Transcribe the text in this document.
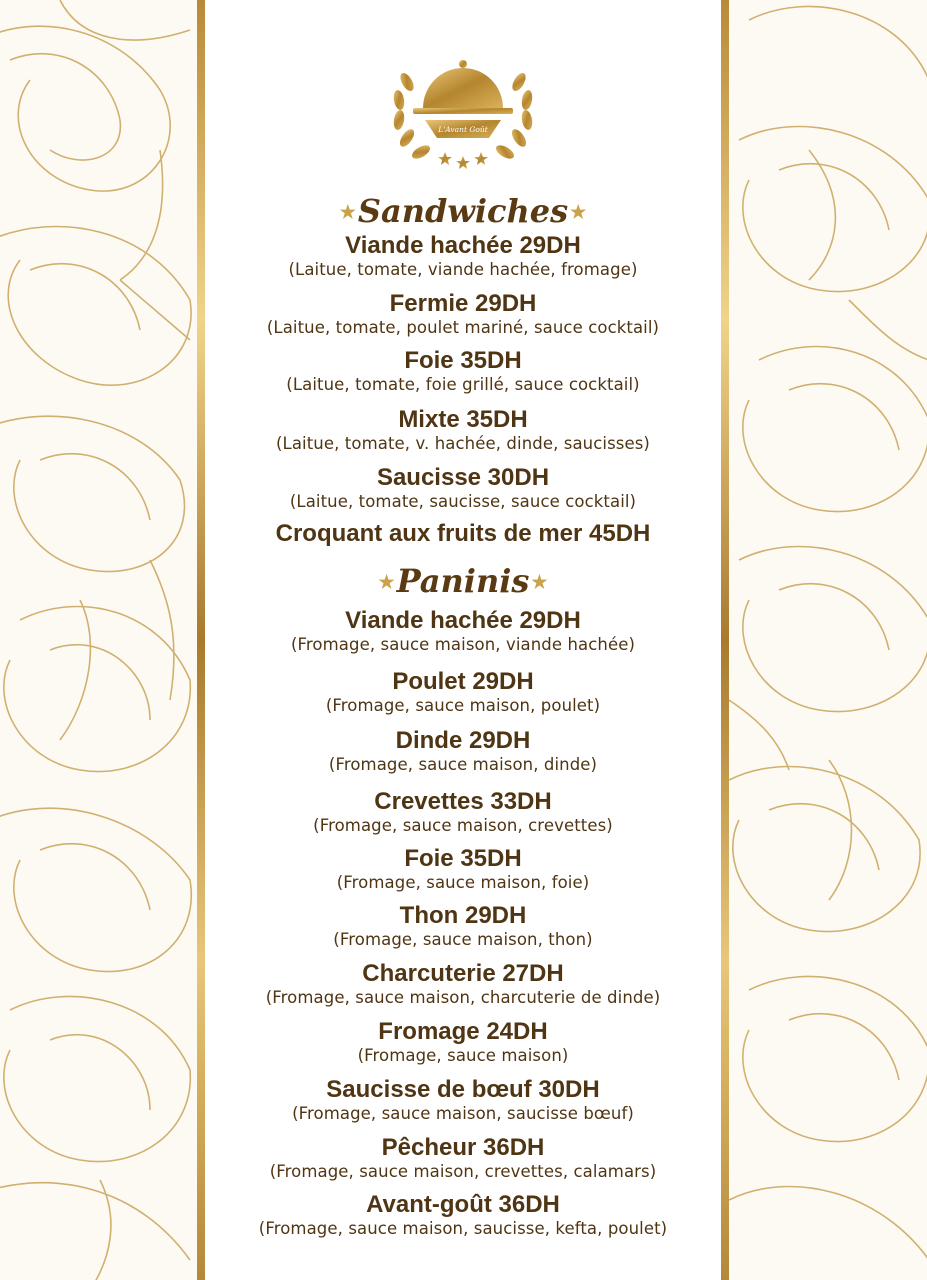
L'Avant Goût
★Sandwiches ★
Viande hachée 29DH
(Laitue, tomate, viande hachée, fromage)
Fermie 29DH
(Laitue, tomate, poulet mariné, sauce cocktail)
Foie 35DH
(Laitue, tomate, foie grillé, sauce cocktail)
Mixte 35DH
(Laitue, tomate, v. hachée, dinde, saucisses)
Saucisse 30DH
(Laitue, tomate, saucisse, sauce cocktail)
Croquant aux fruits de mer 45DH
★Paninis ★
Viande hachée 29DH
(Fromage, sauce maison, viande hachée)
Poulet 29DH
(Fromage, sauce maison, poulet)
Dinde 29DH
(Fromage, sauce maison, dinde)
Crevettes 33DH
(Fromage, sauce maison, crevettes)
Foie 35DH
(Fromage, sauce maison, foie)
Thon 29DH
(Fromage, sauce maison, thon)
Charcuterie 27DH
(Fromage, sauce maison, charcuterie de dinde)
Fromage 24DH
(Fromage, sauce maison)
Saucisse de bœuf 30DH
(Fromage, sauce maison, saucisse bœuf)
Pêcheur 36DH
(Fromage, sauce maison, crevettes, calamars)
Avant-goût 36DH
(Fromage, sauce maison, saucisse, kefta, poulet)
